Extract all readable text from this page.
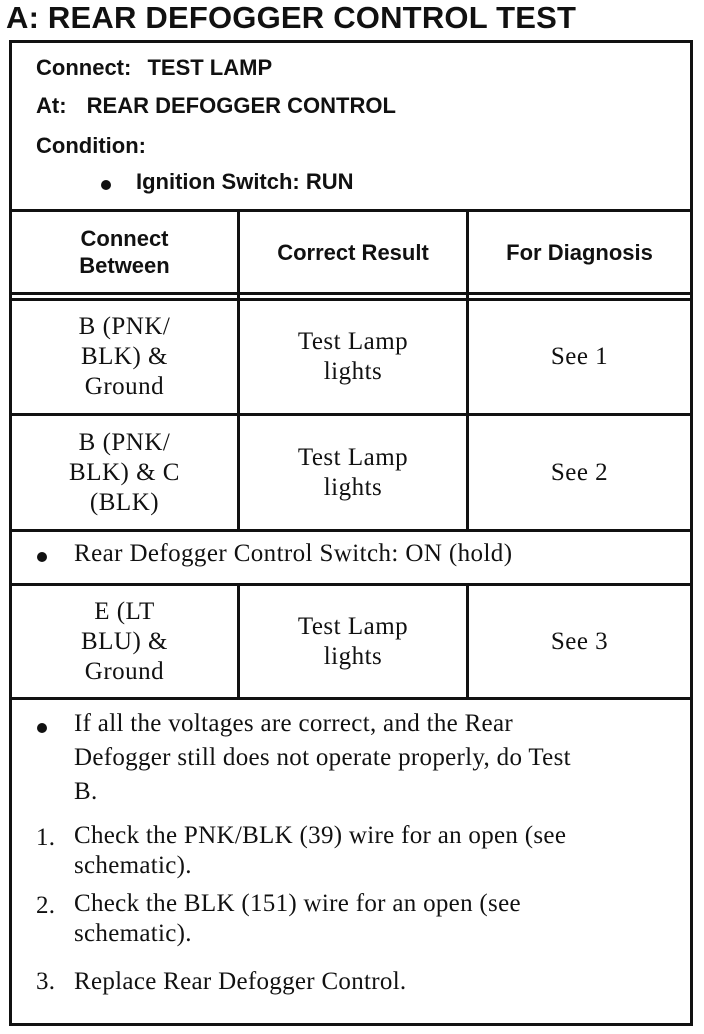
A: REAR DEFOGGER CONTROL TEST
Connect: TEST LAMP
At: REAR DEFOGGER CONTROL
Condition:
Ignition Switch: RUN
Connect Between
Correct Result	For Diagnosis
B (PNK/ BLK) & Ground
Test Lamp lights
See 1
B (PNK/ BLK) & C (BLK)
Test Lamp lights
See 2
Rear Defogger Control Switch: ON (hold)
E (LT BLU) & Ground
Test Lamp lights
See 3
If all the voltages are correct, and the Rear Defogger still does not operate properly, do Test B.
1. Check the PNK/BLK (39) wire for an open (see schematic).
2. Check the BLK (151) wire for an open (see schematic).
3. Replace Rear Defogger Control.
